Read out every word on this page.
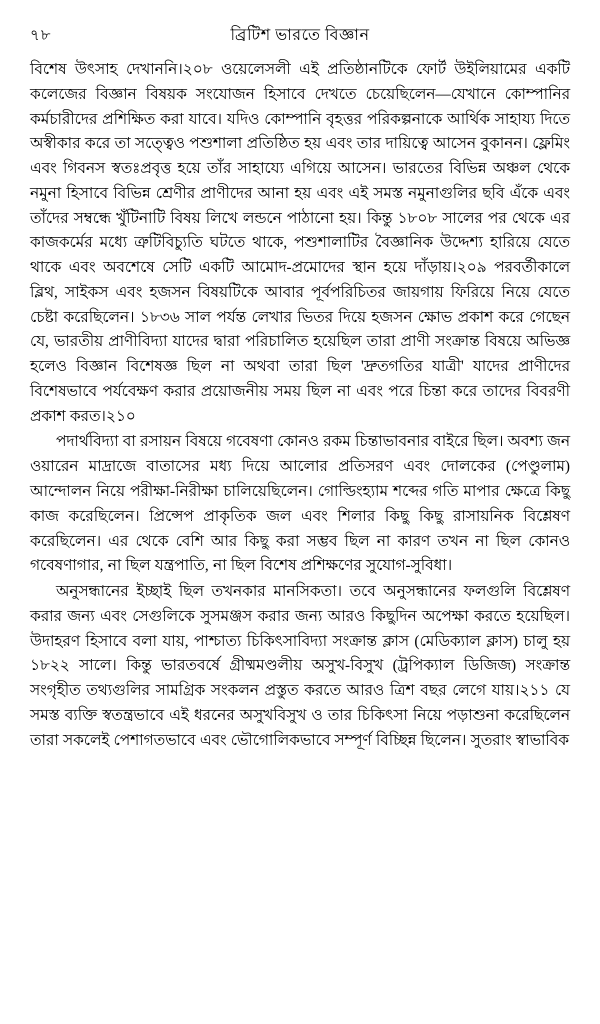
৭৮	ব্রিটিশ ভারতে বিজ্ঞান

বিশেষ উৎসাহ দেখাননি।২০৮ ওয়েলেসলী এই প্রতিষ্ঠানটিকে ফোর্ট উইলিয়ামের একটি কলেজের বিজ্ঞান বিষয়ক সংযোজন হিসাবে দেখতে চেয়েছিলেন—যেখানে কোম্পানির কর্মচারীদের প্রশিক্ষিত করা যাবে। যদিও কোম্পানি বৃহত্তর পরিকল্পনাকে আর্থিক সাহায্য দিতে অস্বীকার করে তা সত্ত্বেও পশুশালা প্রতিষ্ঠিত হয় এবং তার দায়িত্বে আসেন বুকানন। ফ্লেমিং এবং গিবনস স্বতঃপ্রবৃত্ত হয়ে তাঁর সাহায্যে এগিয়ে আসেন। ভারতের বিভিন্ন অঞ্চল থেকে নমুনা হিসাবে বিভিন্ন শ্রেণীর প্রাণীদের আনা হয় এবং এই সমস্ত নমুনাগুলির ছবি এঁকে এবং তাঁদের সম্বন্ধে খুঁটিনাটি বিষয় লিখে লন্ডনে পাঠানো হয়। কিন্তু ১৮০৮ সালের পর থেকে এর কাজকর্মের মধ্যে ত্রুটিবিচ্যুতি ঘটতে থাকে, পশুশালাটির বৈজ্ঞানিক উদ্দেশ্য হারিয়ে যেতে থাকে এবং অবশেষে সেটি একটি আমোদ-প্রমোদের স্থান হয়ে দাঁড়ায়।২০৯ পরবর্তীকালে ব্লিথ, সাইকস এবং হজসন বিষয়টিকে আবার পূর্বপরিচিতর জায়গায় ফিরিয়ে নিয়ে যেতে চেষ্টা করেছিলেন। ১৮৩৬ সাল পর্যন্ত লেখার ভিতর দিয়ে হজসন ক্ষোভ প্রকাশ করে গেছেন যে, ভারতীয় প্রাণীবিদ্যা যাদের দ্বারা পরিচালিত হয়েছিল তারা প্রাণী সংক্রান্ত বিষয়ে অভিজ্ঞ হলেও বিজ্ঞান বিশেষজ্ঞ ছিল না অথবা তারা ছিল 'দ্রুতগতির যাত্রী' যাদের প্রাণীদের বিশেষভাবে পর্যবেক্ষণ করার প্রয়োজনীয় সময় ছিল না এবং পরে চিন্তা করে তাদের বিবরণী প্রকাশ করত।২১০

পদার্থবিদ্যা বা রসায়ন বিষয়ে গবেষণা কোনও রকম চিন্তাভাবনার বাইরে ছিল। অবশ্য জন ওয়ারেন মাদ্রাজে বাতাসের মধ্য দিয়ে আলোর প্রতিসরণ এবং দোলকের (পেণ্ডুলাম) আন্দোলন নিয়ে পরীক্ষা-নিরীক্ষা চালিয়েছিলেন। গোল্ডিংহ্যাম শব্দের গতি মাপার ক্ষেত্রে কিছু কাজ করেছিলেন। প্রিন্সেপ প্রাকৃতিক জল এবং শিলার কিছু কিছু রাসায়নিক বিশ্লেষণ করেছিলেন। এর থেকে বেশি আর কিছু করা সম্ভব ছিল না কারণ তখন না ছিল কোনও গবেষণাগার, না ছিল যন্ত্রপাতি, না ছিল বিশেষ প্রশিক্ষণের সুযোগ-সুবিধা।

অনুসন্ধানের ইচ্ছাই ছিল তখনকার মানসিকতা। তবে অনুসন্ধানের ফলগুলি বিশ্লেষণ করার জন্য এবং সেগুলিকে সুসমঞ্জস করার জন্য আরও কিছুদিন অপেক্ষা করতে হয়েছিল। উদাহরণ হিসাবে বলা যায়, পাশ্চাত্য চিকিৎসাবিদ্যা সংক্রান্ত ক্লাস (মেডিক্যাল ক্লাস) চালু হয় ১৮২২ সালে। কিন্তু ভারতবর্ষে গ্রীষ্মমণ্ডলীয় অসুখ-বিসুখ (ট্রপিক্যাল ডিজিজ) সংক্রান্ত সংগৃহীত তথ্যগুলির সামগ্রিক সংকলন প্রস্তুত করতে আরও ত্রিশ বছর লেগে যায়।২১১ যে সমস্ত ব্যক্তি স্বতন্ত্রভাবে এই ধরনের অসুখবিসুখ ও তার চিকিৎসা নিয়ে পড়াশুনা করেছিলেন তারা সকলেই পেশাগতভাবে এবং ভৌগোলিকভাবে সম্পূর্ণ বিচ্ছিন্ন ছিলেন। সুতরাং স্বাভাবিক
